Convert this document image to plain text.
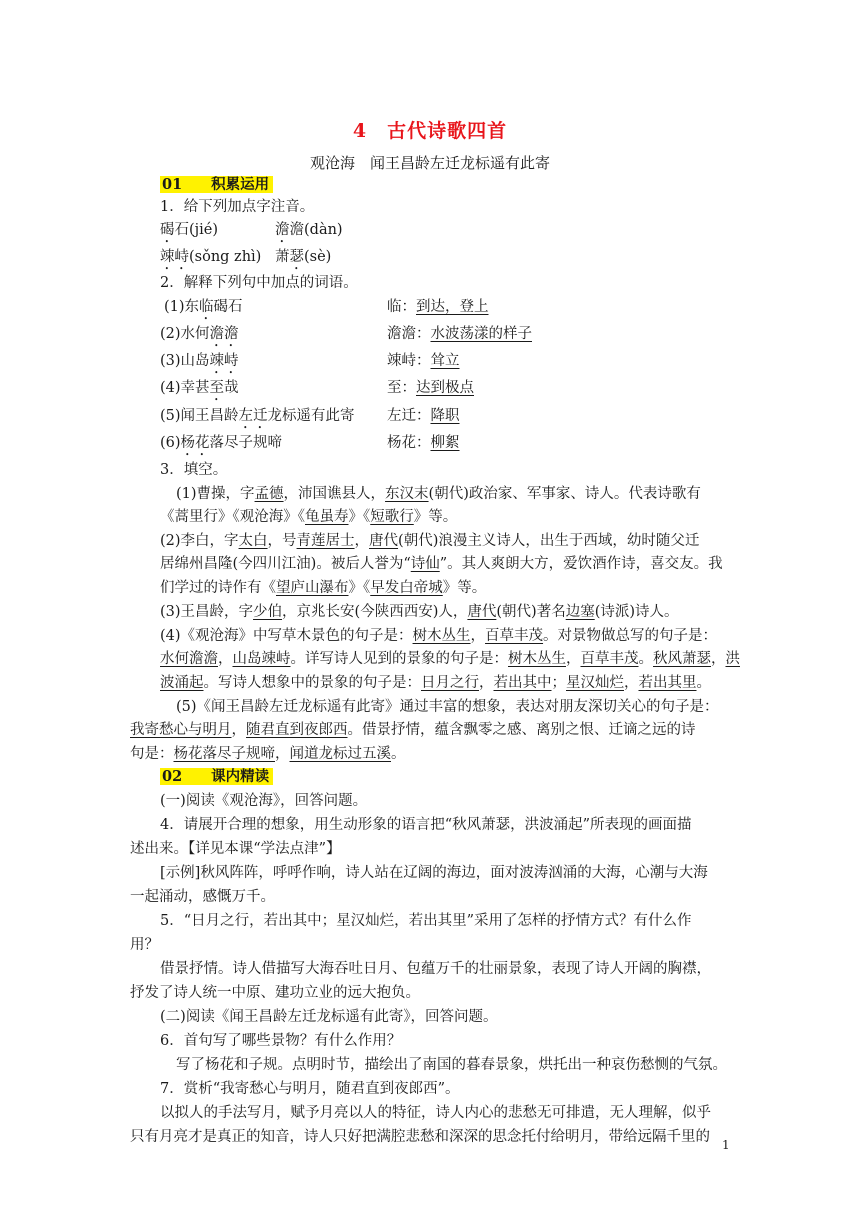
4　古代诗歌四首
观沧海　闻王昌龄左迁龙标遥有此寄
01　　积累运用
1．给下列加点字注音。
碣石(jié)	澹澹(dàn)
竦峙(sǒng zhì) 萧瑟(sè)
2．解释下列句中加点的词语。
(1)东临碣石	临：到达，登上
(2)水何澹澹	澹澹：水波荡漾的样子
(3)山岛竦峙	竦峙：耸立
(4)幸甚至哉	至：达到极点
(5)闻王昌龄左迁龙标遥有此寄 左迁：降职
(6)杨花落尽子规啼	杨花：柳絮
3．填空。
(1)曹操，字孟德，沛国谯县人，东汉末(朝代)政治家、军事家、诗人。代表诗歌有
《蒿里行》《观沧海》《龟虽寿》《短歌行》等。
(2)李白，字太白，号青莲居士，唐代(朝代)浪漫主义诗人，出生于西域，幼时随父迁
居绵州昌隆(今四川江油)。被后人誉为“诗仙”。其人爽朗大方，爱饮酒作诗，喜交友。我
们学过的诗作有《望庐山瀑布》《早发白帝城》等。
(3)王昌龄，字少伯，京兆长安(今陕西西安)人，唐代(朝代)著名边塞(诗派)诗人。
(4)《观沧海》中写草木景色的句子是：树木丛生，百草丰茂。对景物做总写的句子是：
水何澹澹，山岛竦峙。详写诗人见到的景象的句子是：树木丛生，百草丰茂。秋风萧瑟，洪
波涌起。写诗人想象中的景象的句子是：日月之行，若出其中；星汉灿烂，若出其里。
(5)《闻王昌龄左迁龙标遥有此寄》通过丰富的想象，表达对朋友深切关心的句子是：
我寄愁心与明月，随君直到夜郎西。借景抒情，蕴含飘零之感、离别之恨、迁谪之远的诗
句是：杨花落尽子规啼，闻道龙标过五溪。
02　　课内精读
(一)阅读《观沧海》，回答问题。
4．请展开合理的想象，用生动形象的语言把“秋风萧瑟，洪波涌起”所表现的画面描
述出来。【详见本课“学法点津”】
[示例]秋风阵阵，呼呼作响，诗人站在辽阔的海边，面对波涛汹涌的大海，心潮与大海
一起涌动，感慨万千。
5．“日月之行，若出其中；星汉灿烂，若出其里”采用了怎样的抒情方式？有什么作
用？
借景抒情。诗人借描写大海吞吐日月、包蕴万千的壮丽景象，表现了诗人开阔的胸襟，
抒发了诗人统一中原、建功立业的远大抱负。
(二)阅读《闻王昌龄左迁龙标遥有此寄》，回答问题。
6．首句写了哪些景物？有什么作用？
写了杨花和子规。点明时节，描绘出了南国的暮春景象，烘托出一种哀伤愁恻的气氛。
7．赏析“我寄愁心与明月，随君直到夜郎西”。
以拟人的手法写月，赋予月亮以人的特征，诗人内心的悲愁无可排遣，无人理解，似乎
只有月亮才是真正的知音，诗人只好把满腔悲愁和深深的思念托付给明月，带给远隔千里的 1
